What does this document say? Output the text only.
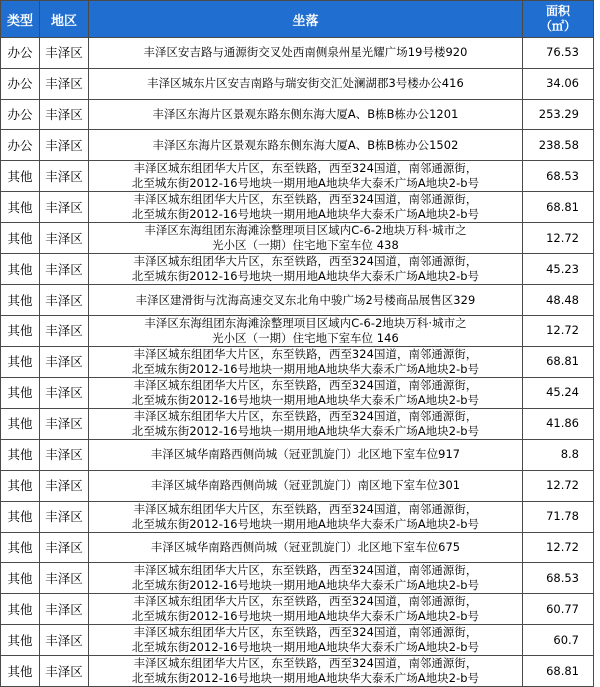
类型	地区	坐落	面积
（㎡）

办公	丰泽区	丰泽区安吉路与通源街交叉处西南侧泉州星光耀广场19号楼920	76.53
办公	丰泽区	丰泽区城东片区安吉南路与瑞安街交汇处澜湖郡3号楼办公416	34.06
办公	丰泽区	丰泽区东海片区景观东路东侧东海大厦A、B栋B栋办公1201	253.29
办公	丰泽区	丰泽区东海片区景观东路东侧东海大厦A、B栋B栋办公1502	238.58
其他	丰泽区	丰泽区城东组团华大片区，东至铁路，西至324国道，南邻通源街，
北至城东街2012-16号地块一期用地A地块华大泰禾广场A地块2-b号	68.53
其他	丰泽区	丰泽区城东组团华大片区，东至铁路，西至324国道，南邻通源街，
北至城东街2012-16号地块一期用地A地块华大泰禾广场A地块2-b号	68.81
其他	丰泽区	丰泽区东海组团东海滩涂整理项目区域内C-6-2地块万科·城市之
光小区（一期）住宅地下室车位 438	12.72
其他	丰泽区	丰泽区城东组团华大片区，东至铁路，西至324国道，南邻通源街，
北至城东街2012-16号地块一期用地A地块华大泰禾广场A地块2-b号	45.23
其他	丰泽区	丰泽区建滑街与沈海高速交叉东北角中骏广场2号楼商品展售区329	48.48
其他	丰泽区	丰泽区东海组团东海滩涂整理项目区域内C-6-2地块万科·城市之
光小区（一期）住宅地下室车位 146	12.72
其他	丰泽区	丰泽区城东组团华大片区，东至铁路，西至324国道，南邻通源街，
北至城东街2012-16号地块一期用地A地块华大泰禾广场A地块2-b号	68.81
其他	丰泽区	丰泽区城东组团华大片区，东至铁路，西至324国道，南邻通源街，
北至城东街2012-16号地块一期用地A地块华大泰禾广场A地块2-b号	45.24
其他	丰泽区	丰泽区城东组团华大片区，东至铁路，西至324国道，南邻通源街，
北至城东街2012-16号地块一期用地A地块华大泰禾广场A地块2-b号	41.86
其他	丰泽区	丰泽区城华南路西侧尚城（冠亚凯旋门）北区地下室车位917	8.8
其他	丰泽区	丰泽区城华南路西侧尚城（冠亚凯旋门）南区地下室车位301	12.72
其他	丰泽区	丰泽区城东组团华大片区，东至铁路，西至324国道，南邻通源街，
北至城东街2012-16号地块一期用地A地块华大泰禾广场A地块2-b号	71.78
其他	丰泽区	丰泽区城华南路西侧尚城（冠亚凯旋门）北区地下室车位675	12.72
其他	丰泽区	丰泽区城东组团华大片区，东至铁路，西至324国道，南邻通源街，
北至城东街2012-16号地块一期用地A地块华大泰禾广场A地块2-b号	68.53
其他	丰泽区	丰泽区城东组团华大片区，东至铁路，西至324国道，南邻通源街，
北至城东街2012-16号地块一期用地A地块华大泰禾广场A地块2-b号	60.77
其他	丰泽区	丰泽区城东组团华大片区，东至铁路，西至324国道，南邻通源街，
北至城东街2012-16号地块一期用地A地块华大泰禾广场A地块2-b号	60.7
其他	丰泽区	丰泽区城东组团华大片区，东至铁路，西至324国道，南邻通源街，
北至城东街2012-16号地块一期用地A地块华大泰禾广场A地块2-b号	68.81
